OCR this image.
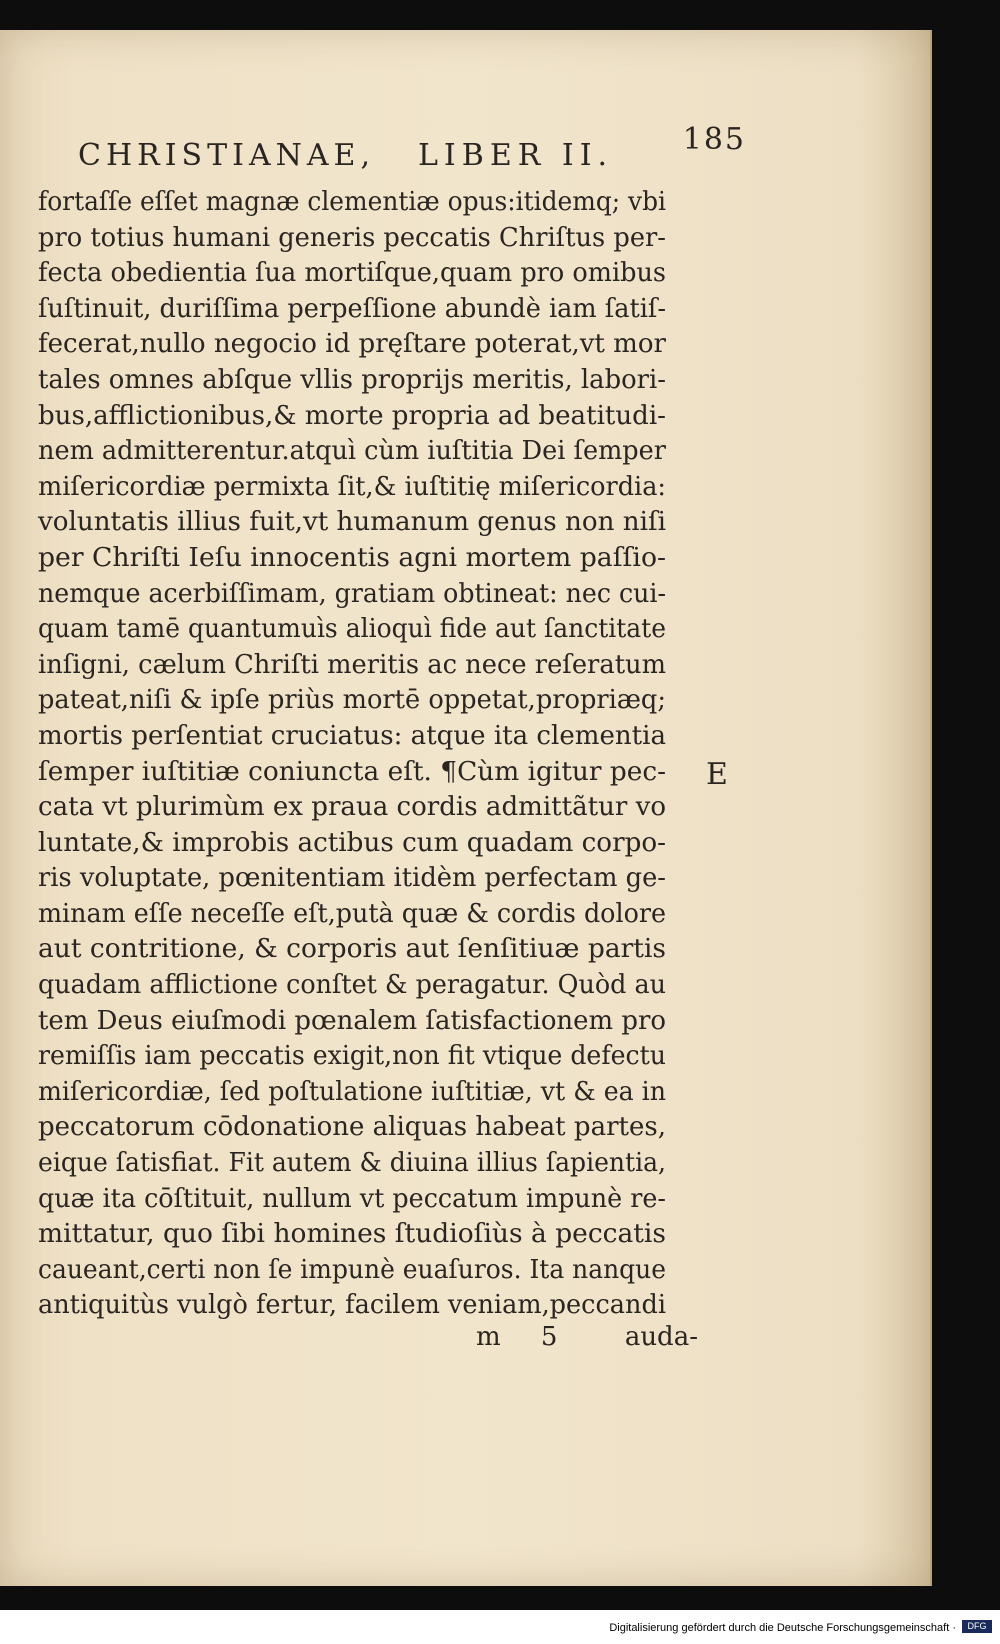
CHRISTIANAE, LIBER II. 185
fortaſſe eſſet magnæ clementiæ opus:itidemq; vbi
pro totius humani generis peccatis Chriſtus per-
fecta obedientia ſua mortiſque,quam pro omibus
ſuſtinuit, duriſſima perpeſſione abundè iam ſatiſ-
fecerat,nullo negocio id pręſtare poterat,vt mor
tales omnes abſque vllis proprijs meritis, labori-
bus,afflictionibus,& morte propria ad beatitudi-
nem admitterentur.atquì cùm iuſtitia Dei ſemper
miſericordiæ permixta ſit,& iuſtitię miſericordia:
voluntatis illius fuit,vt humanum genus non niſi
per Chriſti Ieſu innocentis agni mortem paſſio-
nemque acerbiſſimam, gratiam obtineat: nec cui-
quam tamē quantumuìs alioquì fide aut ſanctitate
inſigni, cælum Chriſti meritis ac nece reſeratum
pateat,niſi & ipſe priùs mortē oppetat,propriæq;
mortis perſentiat cruciatus: atque ita clementia
ſemper iuſtitiæ coniuncta eſt. ¶Cùm igitur pec-
cata vt plurimùm ex praua cordis admittãtur vo
luntate,& improbis actibus cum quadam corpo-
ris voluptate, pœnitentiam itidèm perfectam ge-
minam eſſe neceſſe eſt,putà quæ & cordis dolore
aut contritione, & corporis aut ſenſitiuæ partis
quadam afflictione conſtet & peragatur. Quòd au
tem Deus eiuſmodi pœnalem ſatisfactionem pro
remiſſis iam peccatis exigit,non fit vtique defectu
miſericordiæ, ſed poſtulatione iuſtitiæ, vt & ea in
peccatorum cōdonatione aliquas habeat partes,
eique ſatisfiat. Fit autem & diuina illius ſapientia,
quæ ita cōſtituit, nullum vt peccatum impunè re-
mittatur, quo ſibi homines ſtudioſiùs à peccatis
caueant,certi non ſe impunè euaſuros. Ita nanque
antiquitùs vulgò fertur, facilem veniam,peccandi
E
m 5 auda-
Digitalisierung gefördert durch die Deutsche Forschungsgemeinschaft ·	DFG
